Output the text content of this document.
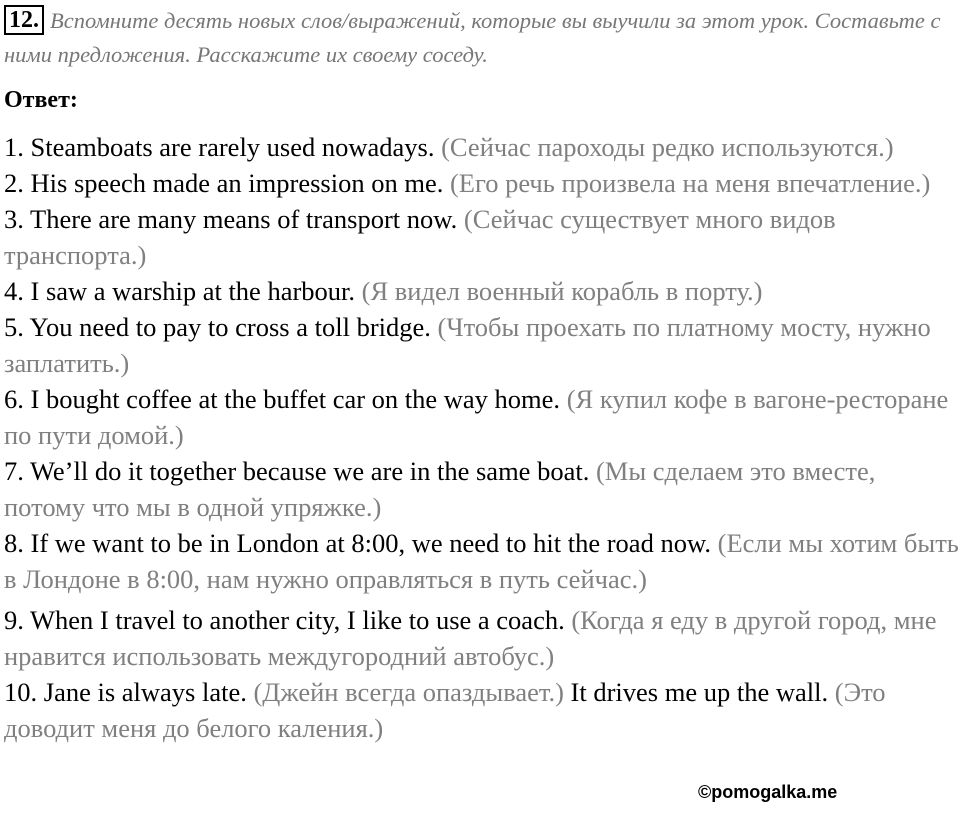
12. Вспомните десять новых слов/выражений, которые вы выучили за этот урок. Составьте с ними предложения. Расскажите их своему соседу.
Ответ:

1. Steamboats are rarely used nowadays. (Сейчас пароходы редко используются.)

2. His speech made an impression on me. (Его речь произвела на меня впечатление.)

3. There are many means of transport now. (Сейчас существует много видов транспорта.)

4. I saw a warship at the harbour. (Я видел военный корабль в порту.)

5. You need to pay to cross a toll bridge. (Чтобы проехать по платному мосту, нужно заплатить.)

6. I bought coffee at the buffet car on the way home. (Я купил кофе в вагоне-ресторане по пути домой.)

7. We’ll do it together because we are in the same boat. (Мы сделаем это вместе, потому что мы в одной упряжке.)

8. If we want to be in London at 8:00, we need to hit the road now. (Если мы хотим быть в Лондоне в 8:00, нам нужно оправляться в путь сейчас.)

9. When I travel to another city, I like to use a coach. (Когда я еду в другой город, мне нравится использовать междугородний автобус.)

10. Jane is always late. (Джейн всегда опаздывает.) It drives me up the wall. (Это доводит меня до белого каления.)

©pomogalka.me
